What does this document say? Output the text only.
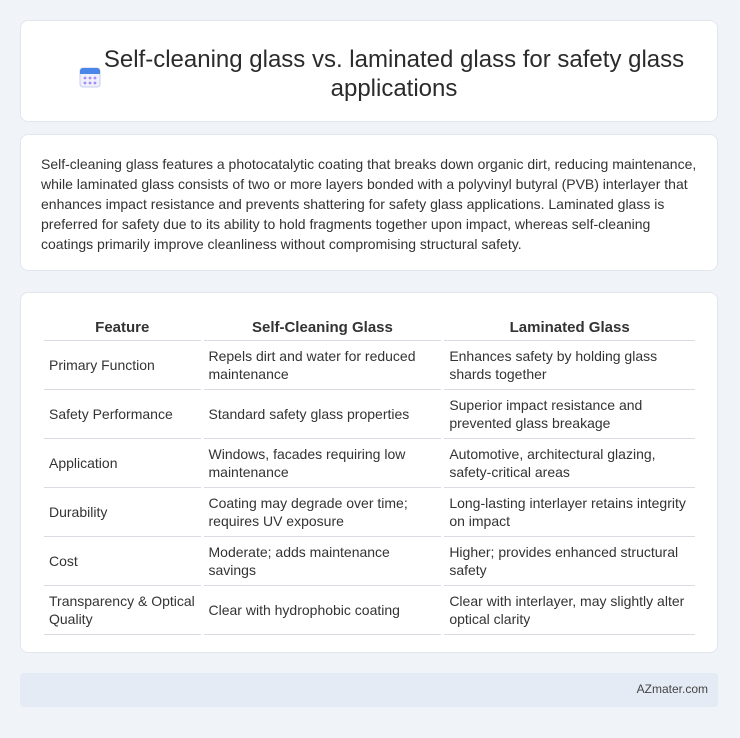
Self-cleaning glass vs. laminated glass for safety glass applications
Self-cleaning glass features a photocatalytic coating that breaks down organic dirt, reducing maintenance, while laminated glass consists of two or more layers bonded with a polyvinyl butyral (PVB) interlayer that enhances impact resistance and prevents shattering for safety glass applications. Laminated glass is preferred for safety due to its ability to hold fragments together upon impact, whereas self-cleaning coatings primarily improve cleanliness without compromising structural safety.
Feature	Self-Cleaning Glass	Laminated Glass
Primary Function	Repels dirt and water for reduced maintenance	Enhances safety by holding glass shards together
Safety Performance	Standard safety glass properties	Superior impact resistance and prevented glass breakage
Application	Windows, facades requiring low maintenance	Automotive, architectural glazing, safety-critical areas
Durability	Coating may degrade over time; requires UV exposure	Long-lasting interlayer retains integrity on impact
Cost	Moderate; adds maintenance savings	Higher; provides enhanced structural safety
Transparency & Optical Quality	Clear with hydrophobic coating	Clear with interlayer, may slightly alter optical clarity
AZmater.com
